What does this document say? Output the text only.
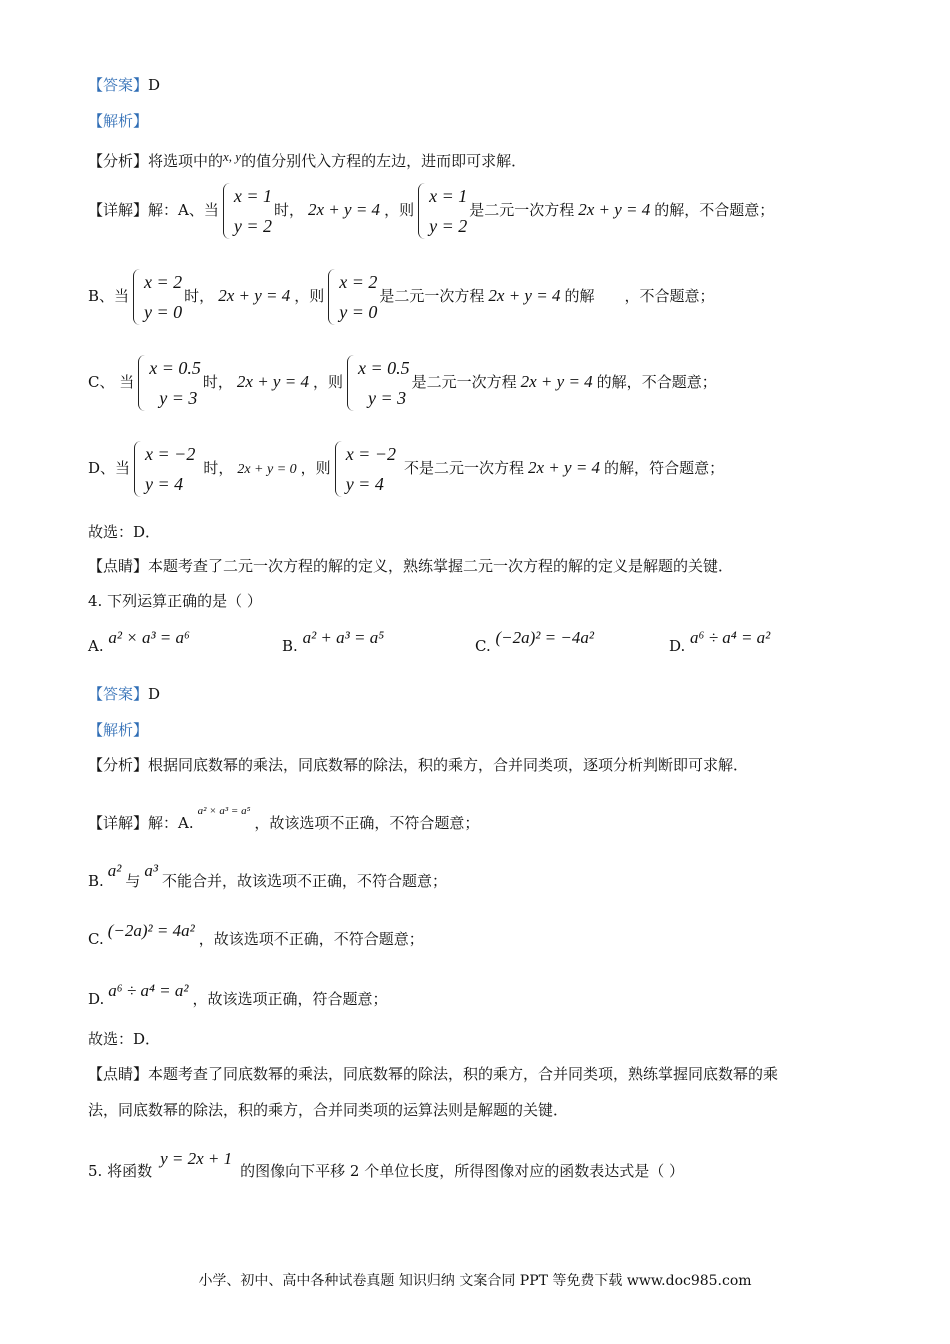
【答案】D
【解析】
【分析】将选项中的x, y的值分别代入方程的左边，进而即可求解．
【详解】解：A、当
x = 1
y = 2
时， 2x + y = 4 ，则
x = 1
y = 2
是二元一次方程 2x + y = 4 的解，不合题意；
B、当
x = 2
y = 0
时， 2x + y = 4 ，则
x = 2
y = 0
是二元一次方程 2x + y = 4 的解 ，不合题意；
C、 当
x = 0.5
y = 3
时， 2x + y = 4 ，则
x = 0.5
y = 3
是二元一次方程 2x + y = 4 的解，不合题意；
D、当
x = −2
y = 4
时， 2x + y = 0 ，则
x = −2
y = 4
不是二元一次方程 2x + y = 4 的解，符合题意；
故选：D．
【点睛】本题考查了二元一次方程的解的定义，熟练掌握二元一次方程的解的定义是解题的关键．
4. 下列运算正确的是（ ）
A. a² × a³ = a⁶	B. a² + a³ = a⁵	C. (−2a)² = −4a²	D. a⁶ ÷ a⁴ = a²
【答案】D
【解析】
【分析】根据同底数幂的乘法，同底数幂的除法，积的乘方，合并同类项，逐项分析判断即可求解．
【详解】解：A.$^{a^2 \times a^3 = a^5}$，故该选项不正确，不符合题意；
B.a²与a³不能合并，故该选项不正确，不符合题意；
C. (−2a)² = 4a² ，故该选项不正确，不符合题意；
D. a⁶ ÷ a⁴ = a² ，故该选项正确，符合题意；
故选：D．
【点睛】本题考查了同底数幂的乘法，同底数幂的除法，积的乘方，合并同类项，熟练掌握同底数幂的乘
法，同底数幂的除法，积的乘方，合并同类项的运算法则是解题的关键．
5. 将函数y = 2x + 1的图像向下平移 2 个单位长度，所得图像对应的函数表达式是（ ）
小学、初中、高中各种试卷真题 知识归纳 文案合同 PPT 等免费下载 www.doc985.com
